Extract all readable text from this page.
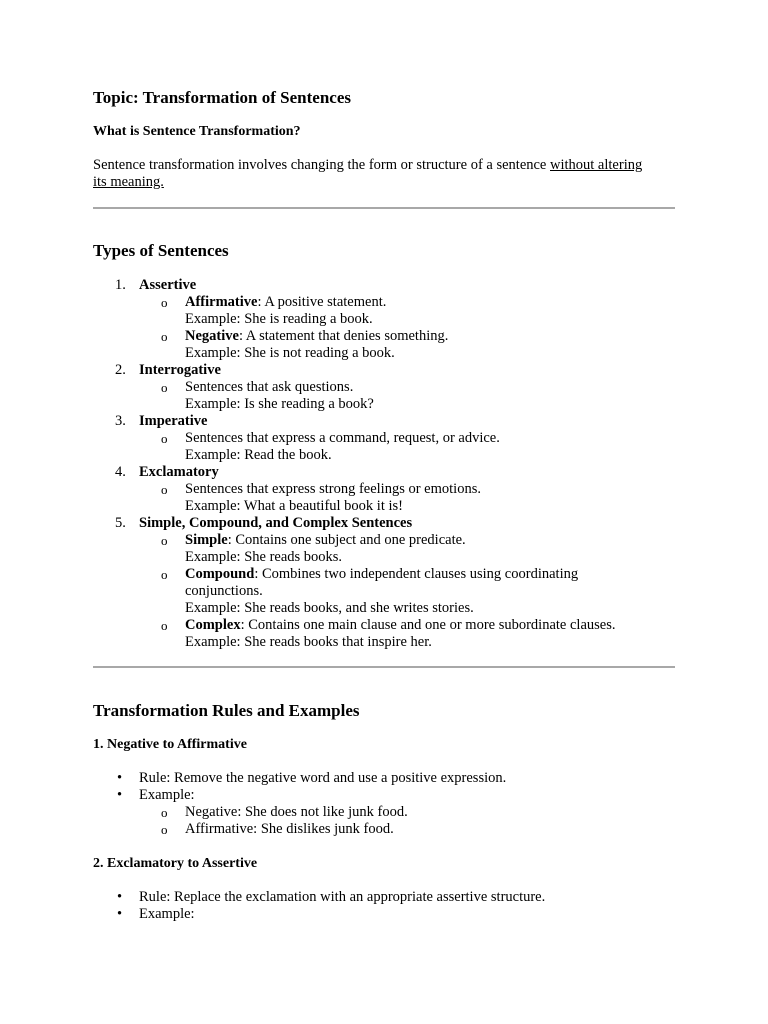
Topic: Transformation of Sentences
What is Sentence Transformation?

Sentence transformation involves changing the form or structure of a sentence without altering its meaning.

Types of Sentences
1. Assertive
o Affirmative: A positive statement.
Example: She is reading a book.
o Negative: A statement that denies something.
Example: She is not reading a book.
2. Interrogative
o Sentences that ask questions.
Example: Is she reading a book?
3. Imperative
o Sentences that express a command, request, or advice.
Example: Read the book.
4. Exclamatory
o Sentences that express strong feelings or emotions.
Example: What a beautiful book it is!
5. Simple, Compound, and Complex Sentences
o Simple: Contains one subject and one predicate.
Example: She reads books.
o Compound: Combines two independent clauses using coordinating
conjunctions.
Example: She reads books, and she writes stories.
o Complex: Contains one main clause and one or more subordinate clauses.
Example: She reads books that inspire her.
Transformation Rules and Examples
1. Negative to Affirmative
• Rule: Remove the negative word and use a positive expression.
• Example:
o Negative: She does not like junk food.
o Affirmative: She dislikes junk food.
2. Exclamatory to Assertive
• Rule: Replace the exclamation with an appropriate assertive structure.
• Example:
